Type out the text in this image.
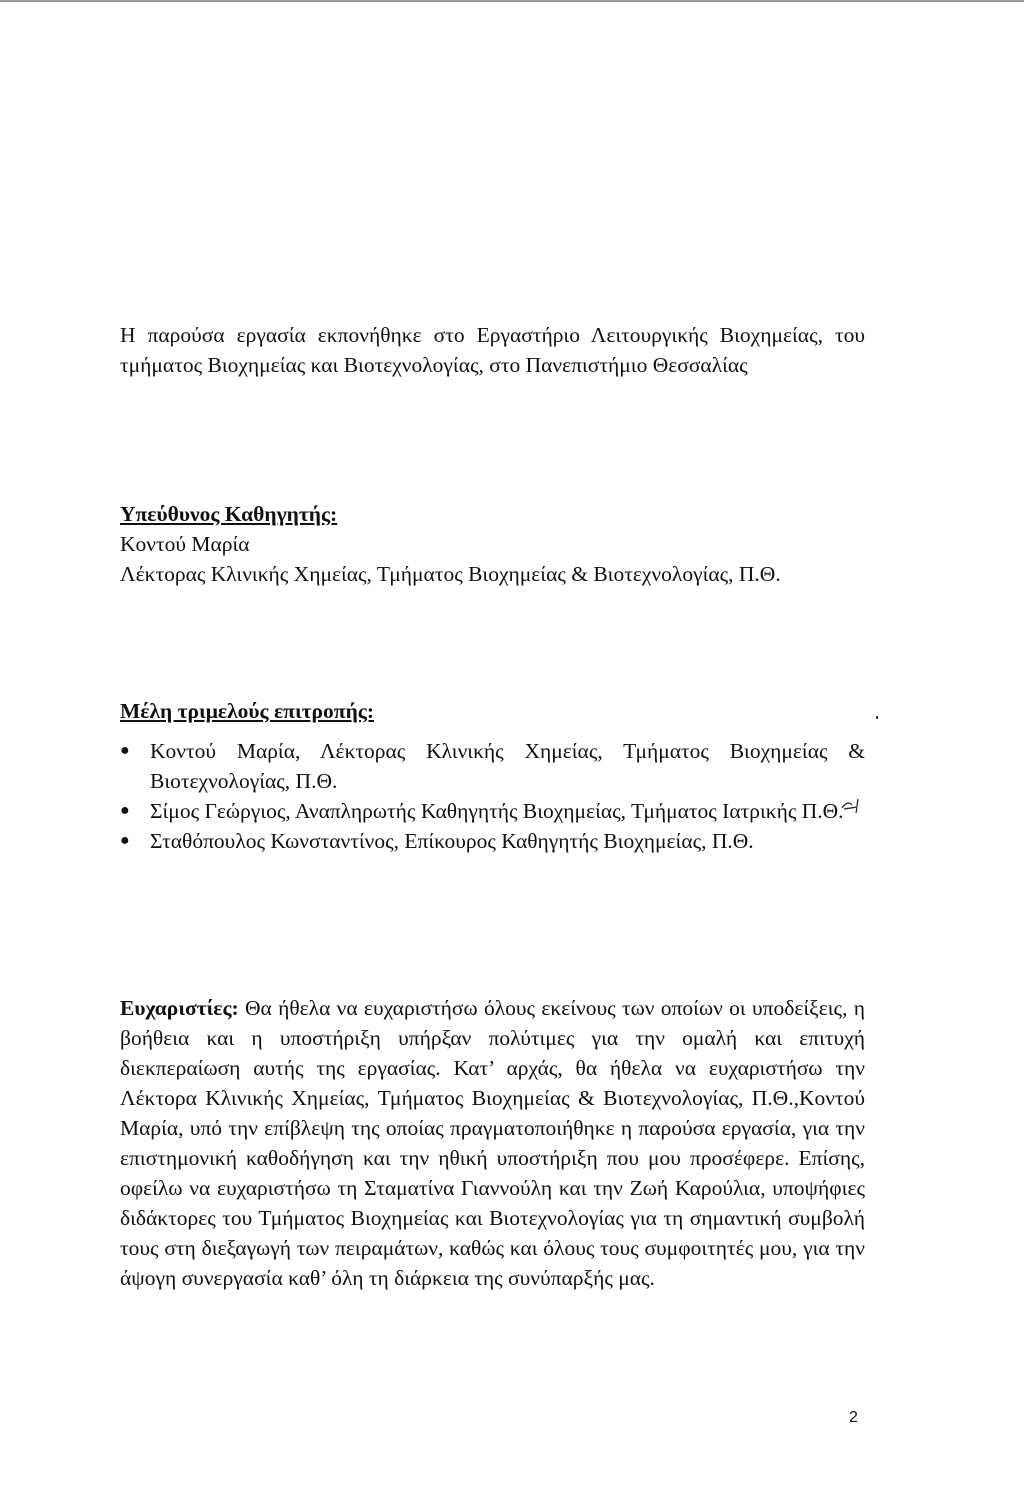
Η παρούσα εργασία εκπονήθηκε στο Εργαστήριο Λειτουργικής Βιοχημείας, του τμήματος Βιοχημείας και Βιοτεχνολογίας, στο Πανεπιστήμιο Θεσσαλίας

Υπεύθυνος Καθηγητής:
Κοντού Μαρία
Λέκτορας Κλινικής Χημείας, Τμήματος Βιοχημείας & Βιοτεχνολογίας, Π.Θ.
Μέλη τριμελούς επιτροπής:
● Κοντού Μαρία, Λέκτορας Κλινικής Χημείας, Τμήματος Βιοχημείας & Βιοτεχνολογίας, Π.Θ.
● Σίμος Γεώργιος, Αναπληρωτής Καθηγητής Βιοχημείας, Τμήματος Ιατρικής Π.Θ.
● Σταθόπουλος Κωνσταντίνος, Επίκουρος Καθηγητής Βιοχημείας, Π.Θ.

Ευχαριστίες: Θα ήθελα να ευχαριστήσω όλους εκείνους των οποίων οι υποδείξεις, η βοήθεια και η υποστήριξη υπήρξαν πολύτιμες για την ομαλή και επιτυχή διεκπεραίωση αυτής της εργασίας. Κατ’ αρχάς, θα ήθελα να ευχαριστήσω την Λέκτορα Κλινικής Χημείας, Τμήματος Βιοχημείας & Βιοτεχνολογίας, Π.Θ.,Κοντού Μαρία, υπό την επίβλεψη της οποίας πραγματοποιήθηκε η παρούσα εργασία, για την επιστημονική καθοδήγηση και την ηθική υποστήριξη που μου προσέφερε. Επίσης, οφείλω να ευχαριστήσω τη Σταματίνα Γιαννούλη και την Ζωή Καρούλια, υποψήφιες διδάκτορες του Τμήματος Βιοχημείας και Βιοτεχνολογίας για τη σημαντική συμβολή τους στη διεξαγωγή των πειραμάτων, καθώς και όλους τους συμφοιτητές μου, για την άψογη συνεργασία καθ’ όλη τη διάρκεια της συνύπαρξής μας.

2
